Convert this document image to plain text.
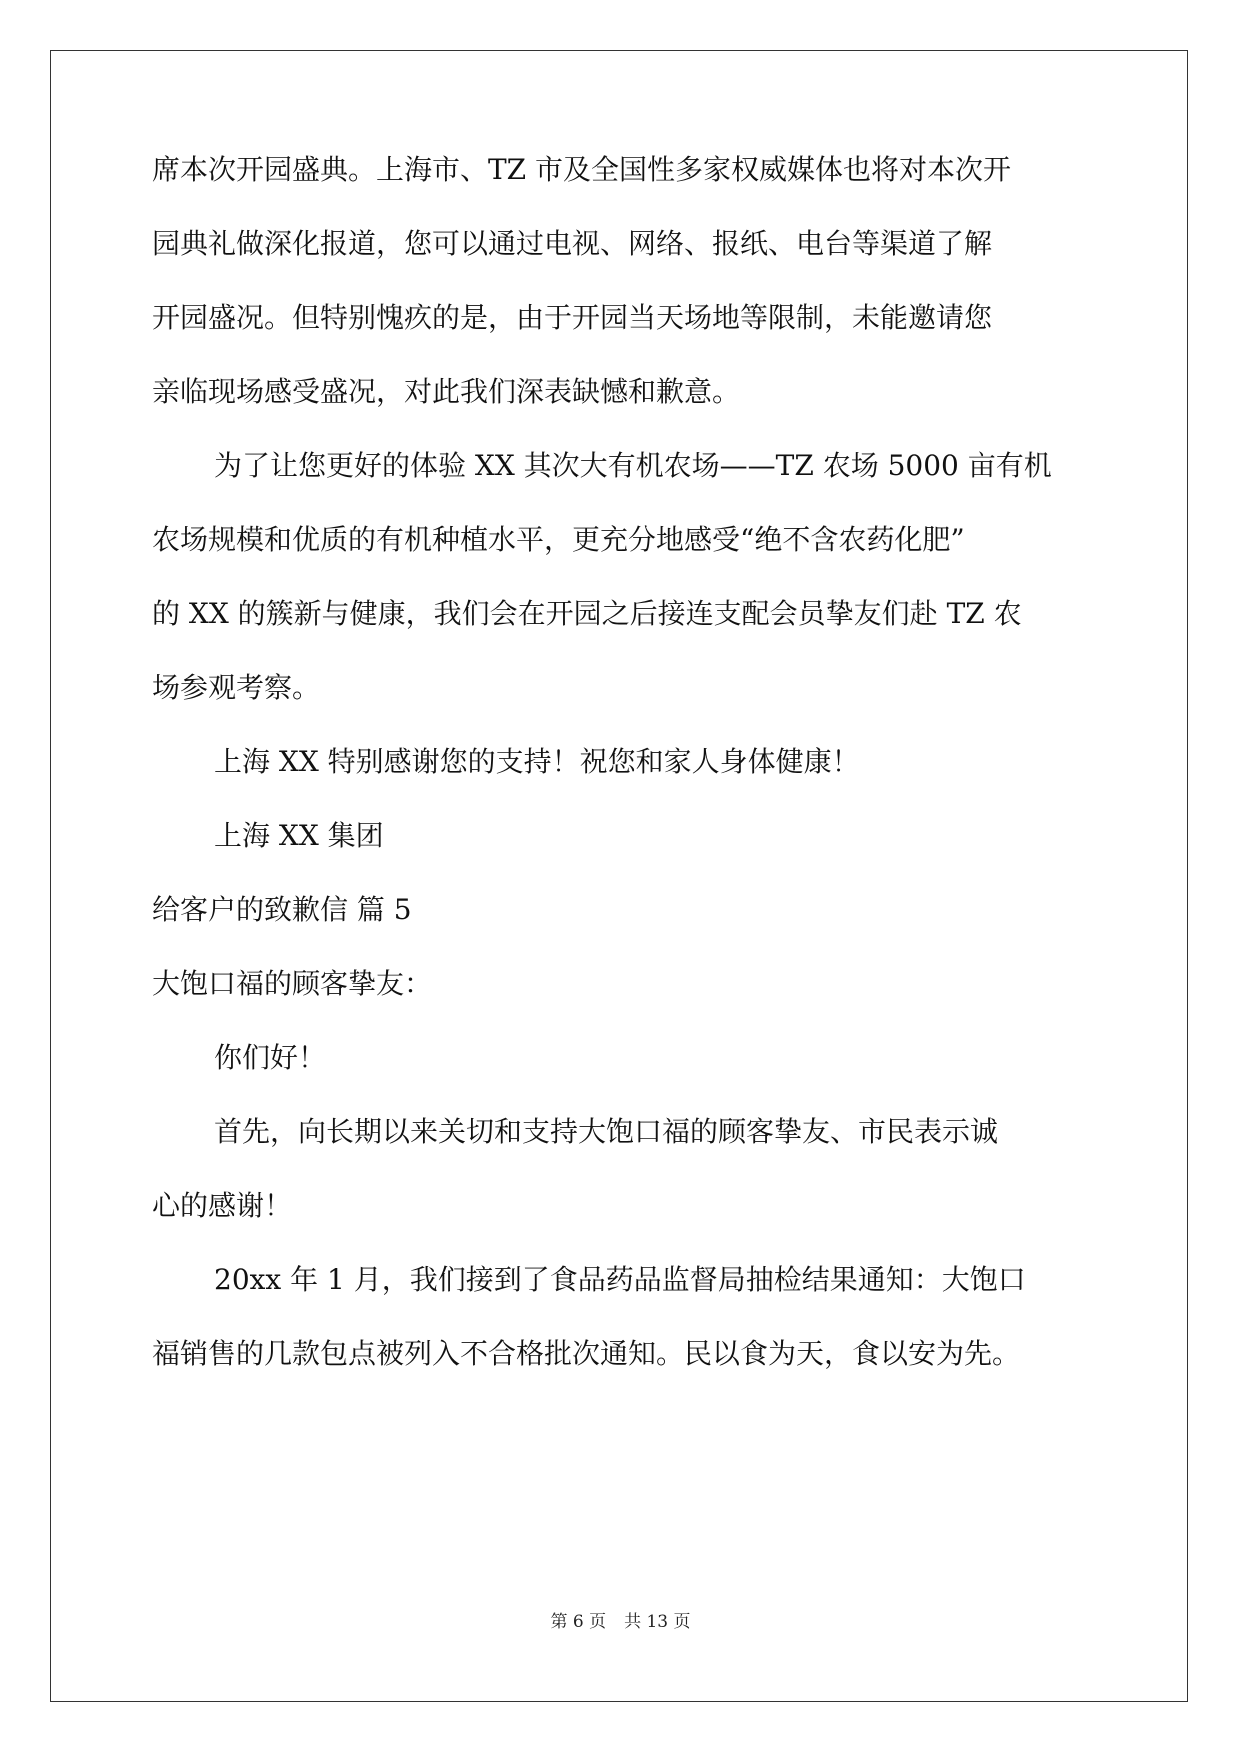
席本次开园盛典。上海市、TZ 市及全国性多家权威媒体也将对本次开
园典礼做深化报道，您可以通过电视、网络、报纸、电台等渠道了解
开园盛况。但特别愧疚的是，由于开园当天场地等限制，未能邀请您
亲临现场感受盛况，对此我们深表缺憾和歉意。
为了让您更好的体验 XX 其次大有机农场——TZ 农场 5000 亩有机
农场规模和优质的有机种植水平，更充分地感受“绝不含农药化肥”
的 XX 的簇新与健康，我们会在开园之后接连支配会员挚友们赴 TZ 农
场参观考察。
上海 XX 特别感谢您的支持！祝您和家人身体健康！
上海 XX 集团
给客户的致歉信 篇 5
大饱口福的顾客挚友：
你们好！
首先，向长期以来关切和支持大饱口福的顾客挚友、市民表示诚
心的感谢！
20xx 年 1 月，我们接到了食品药品监督局抽检结果通知：大饱口
福销售的几款包点被列入不合格批次通知。民以食为天，食以安为先。
第 6 页 共 13 页
